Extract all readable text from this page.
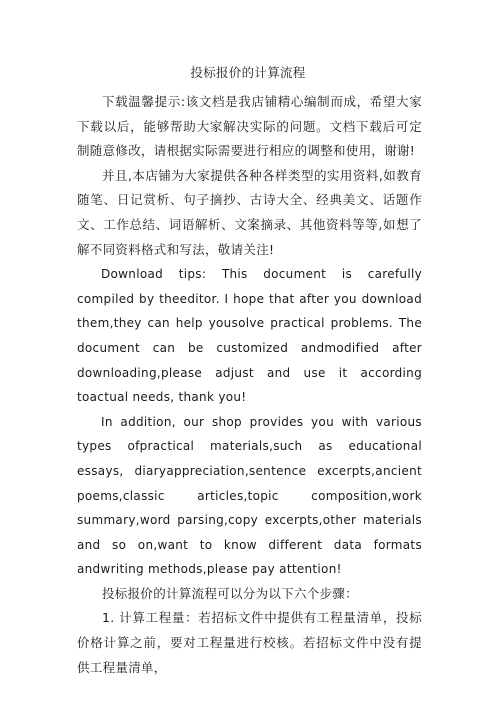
投标报价的计算流程

下载温馨提示:该文档是我店铺精心编制而成，希望大家下载以后，能够帮助大家解决实际的问题。文档下载后可定制随意修改，请根据实际需要进行相应的调整和使用，谢谢!

并且,本店铺为大家提供各种各样类型的实用资料,如教育随笔、日记赏析、句子摘抄、古诗大全、经典美文、话题作文、工作总结、词语解析、文案摘录、其他资料等等,如想了解不同资料格式和写法，敬请关注!

Download tips: This document is carefully compiled by theeditor. I hope that after you download them,they can help yousolve practical problems. The document can be customized andmodified after downloading,please adjust and use it according toactual needs, thank you!

In addition, our shop provides you with various types ofpractical materials,such as educational essays, diaryappreciation,sentence excerpts,ancient poems,classic articles,topic composition,work summary,word parsing,copy excerpts,other materials and so on,want to know different data formats andwriting methods,please pay attention!

投标报价的计算流程可以分为以下六个步骤：

1. 计算工程量：若招标文件中提供有工程量清单，投标价格计算之前，要对工程量进行校核。若招标文件中没有提供工程量清单，
